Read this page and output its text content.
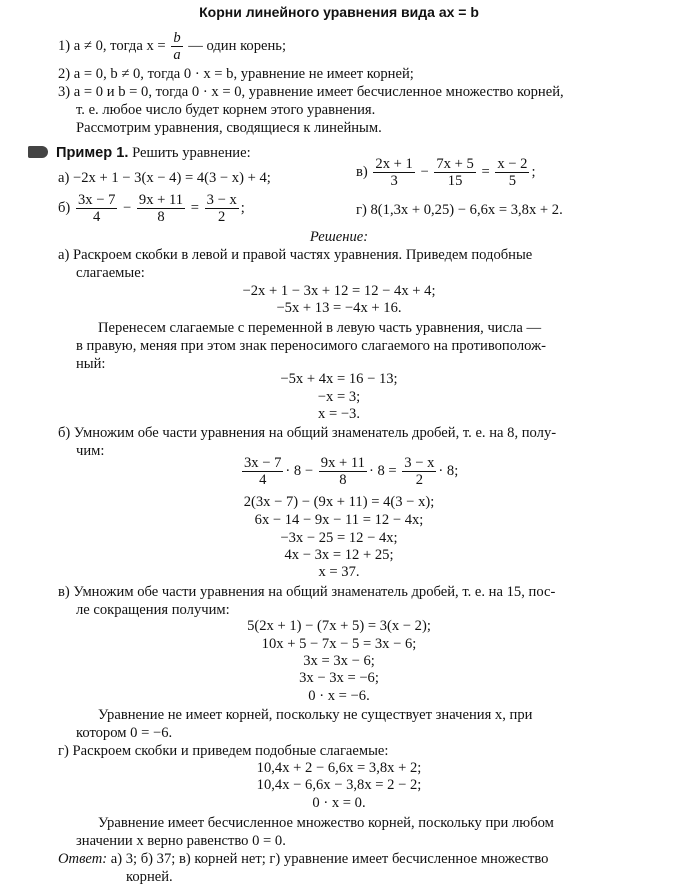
Корни линейного уравнения вида ax = b
1) a ≠ 0, тогда $x = \frac{b}{a}$ — один корень;
2) a = 0, b ≠ 0, тогда 0 · x = b, уравнение не имеет корней;
3) a = 0 и b = 0, тогда 0 · x = 0, уравнение имеет бесчисленное множество корней,
т. е. любое число будет корнем этого уравнения.
Рассмотрим уравнения, сводящиеся к линейным.
Пример 1. Решить уравнение:
а) −2x + 1 − 3(x − 4) = 4(3 − x) + 4;	$в) \frac{2x + 1}{3} - \frac{7x + 5}{15} = \frac{x - 2}{5}$ ;
$б) \frac{3x - 7}{4} - \frac{9x + 11}{8} = \frac{3 - x}{2}$ ;	г) 8(1,3x + 0,25) − 6,6x = 3,8x + 2.
Решение:
а) Раскроем скобки в левой и правой частях уравнения. Приведем подобные
слагаемые:
−2x + 1 − 3x + 12 = 12 − 4x + 4;
−5x + 13 = −4x + 16.
Перенесем слагаемые с переменной в левую часть уравнения, числа —
в правую, меняя при этом знак переносимого слагаемого на противополож-
ный:
−5x + 4x = 16 − 13;
−x = 3;
x = −3.
б) Умножим обе части уравнения на общий знаменатель дробей, т. е. на 8, полу-
чим:
$\frac{3x - 7}{4} \cdot 8 - \frac{9x + 11}{8} \cdot 8 = \frac{3 - x}{2} \cdot 8$;
2(3x − 7) − (9x + 11) = 4(3 − x);
6x − 14 − 9x − 11 = 12 − 4x;
−3x − 25 = 12 − 4x;
4x − 3x = 12 + 25;
x = 37.
в) Умножим обе части уравнения на общий знаменатель дробей, т. е. на 15, пос-
ле сокращения получим:
5(2x + 1) − (7x + 5) = 3(x − 2);
10x + 5 − 7x − 5 = 3x − 6;
3x = 3x − 6;
3x − 3x = −6;
0 · x = −6.
Уравнение не имеет корней, поскольку не существует значения x, при
котором 0 = −6.
г) Раскроем скобки и приведем подобные слагаемые:
10,4x + 2 − 6,6x = 3,8x + 2;
10,4x − 6,6x − 3,8x = 2 − 2;
0 · x = 0.
Уравнение имеет бесчисленное множество корней, поскольку при любом
значении x верно равенство 0 = 0.
Ответ: а) 3; б) 37; в) корней нет; г) уравнение имеет бесчисленное множество
корней.
